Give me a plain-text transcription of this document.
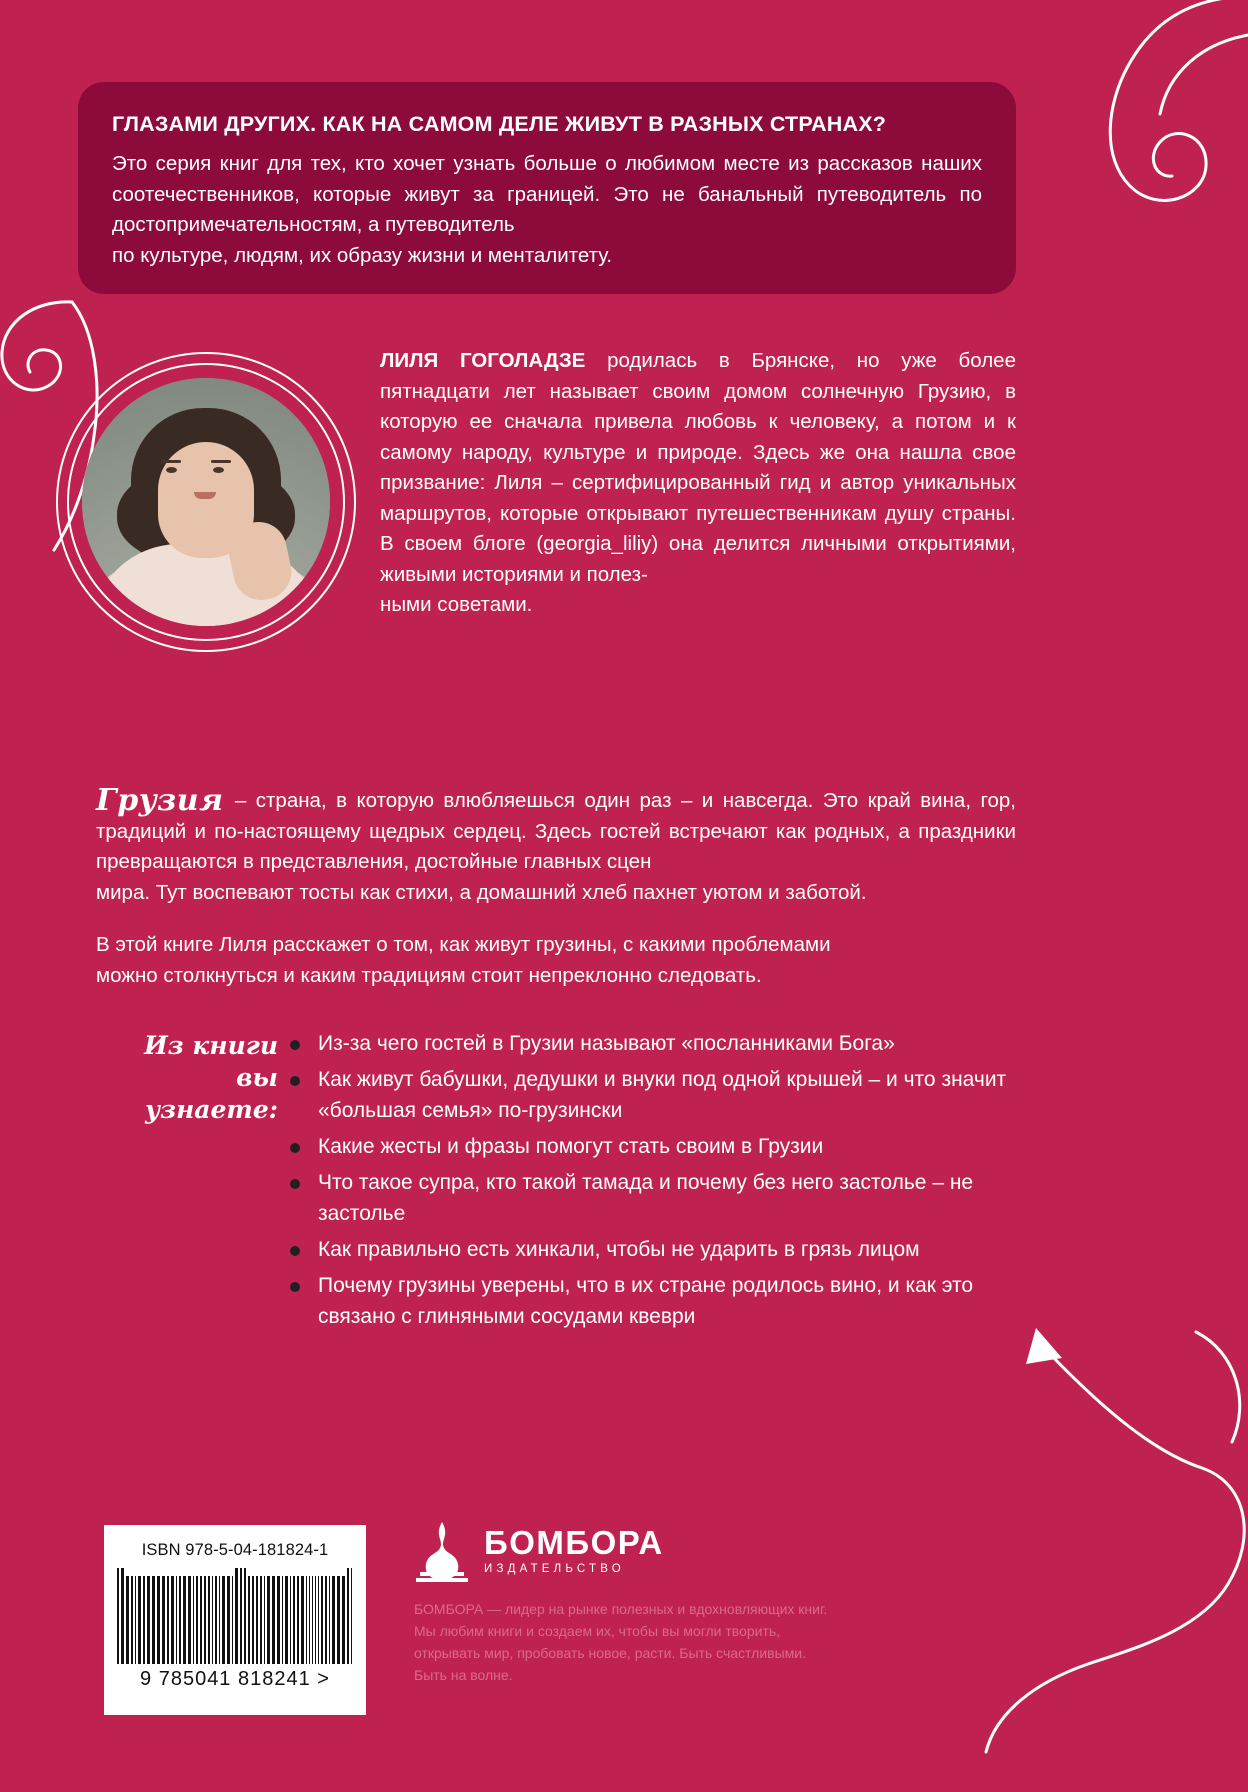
ГЛАЗАМИ ДРУГИХ. КАК НА САМОМ ДЕЛЕ ЖИВУТ В РАЗНЫХ СТРАНАХ?

Это серия книг для тех, кто хочет узнать больше о любимом месте из рассказов наших соотечественников, которые живут за границей. Это не банальный путеводитель по достопримечательностям, а путеводитель
по культуре, людям, их образу жизни и менталитету.

ЛИЛЯ ГОГОЛАДЗЕ родилась в Брянске, но уже более пятнадцати лет называет своим домом солнечную Грузию, в которую ее сначала привела любовь к человеку, а потом и к самому народу, культуре и природе. Здесь же она нашла свое призвание: Лиля – сертифицированный гид и автор уникальных маршрутов, которые открывают путешественникам душу страны. В своем блоге (georgia_liliy) она делится личными открытиями, живыми историями и полез-
ными советами.
Грузия – страна, в которую влюбляешься один раз – и навсегда. Это край вина, гор, традиций и по-настоящему щедрых сердец. Здесь гостей встречают как родных, а праздники превращаются в представления, достойные главных сцен
мира. Тут воспевают тосты как стихи, а домашний хлеб пахнет уютом и заботой.
В этой книге Лиля расскажет о том, как живут грузины, с какими проблемами
можно столкнуться и каким традициям стоит непреклонно следовать.
Из книги
вы узнаете:
Из-за чего гостей в Грузии называют «посланниками Бога»
Как живут бабушки, дедушки и внуки под одной крышей – и что значит «большая семья» по-грузински
Какие жесты и фразы помогут стать своим в Грузии
Что такое супра, кто такой тамада и почему без него застолье – не застолье
Как правильно есть хинкали, чтобы не ударить в грязь лицом
Почему грузины уверены, что в их стране родилось вино, и как это связано с глиняными сосудами квеври
ISBN 978-5-04-181824-1
9 785041 818241 >
БОМБОРА
ИЗДАТЕЛЬСТВО
БОМБОРА — лидер на рынке полезных и вдохновляющих книг. Мы любим книги и создаем их, чтобы вы могли творить, открывать мир, пробовать новое, расти. Быть счастливыми. Быть на волне.
